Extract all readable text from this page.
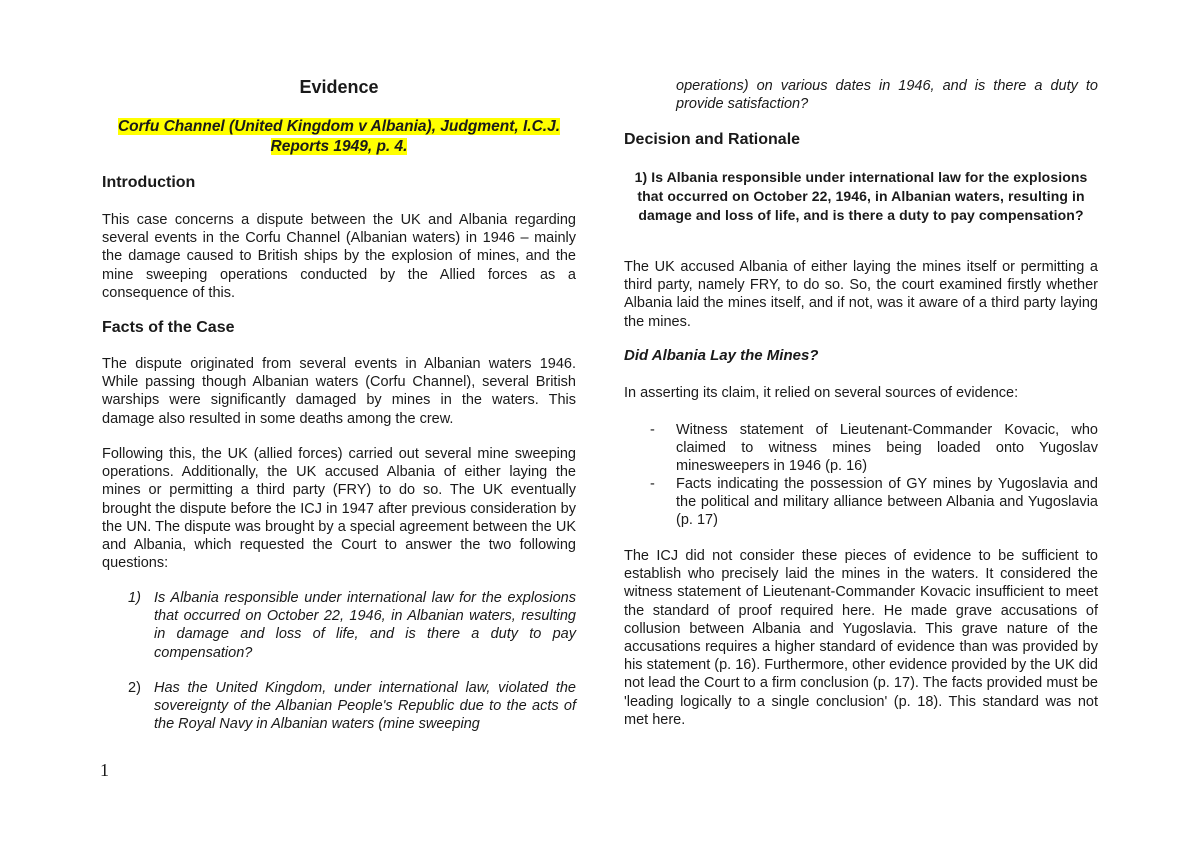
Evidence
Corfu Channel (United Kingdom v Albania), Judgment, I.C.J. Reports 1949, p. 4.
Introduction

This case concerns a dispute between the UK and Albania regarding several events in the Corfu Channel (Albanian waters) in 1946 – mainly the damage caused to British ships by the explosion of mines, and the mine sweeping operations conducted by the Allied forces as a consequence of this.

Facts of the Case

The dispute originated from several events in Albanian waters 1946. While passing though Albanian waters (Corfu Channel), several British warships were significantly damaged by mines in the waters. This damage also resulted in some deaths among the crew.

Following this, the UK (allied forces) carried out several mine sweeping operations. Additionally, the UK accused Albania of either laying the mines or permitting a third party (FRY) to do so. The UK eventually brought the dispute before the ICJ in 1947 after previous consideration by the UN. The dispute was brought by a special agreement between the UK and Albania, which requested the Court to answer the two following questions:

1) Is Albania responsible under international law for the explosions that occurred on October 22, 1946, in Albanian waters, resulting in damage and loss of life, and is there a duty to pay compensation?

2) Has the United Kingdom, under international law, violated the sovereignty of the Albanian People's Republic due to the acts of the Royal Navy in Albanian waters (mine sweeping

1

operations) on various dates in 1946, and is there a duty to provide satisfaction?

Decision and Rationale

1) Is Albania responsible under international law for the explosions that occurred on October 22, 1946, in Albanian waters, resulting in damage and loss of life, and is there a duty to pay compensation?

The UK accused Albania of either laying the mines itself or permitting a third party, namely FRY, to do so. So, the court examined firstly whether Albania laid the mines itself, and if not, was it aware of a third party laying the mines.

Did Albania Lay the Mines?

In asserting its claim, it relied on several sources of evidence:

- Witness statement of Lieutenant-Commander Kovacic, who claimed to witness mines being loaded onto Yugoslav minesweepers in 1946 (p. 16)

- Facts indicating the possession of GY mines by Yugoslavia and the political and military alliance between Albania and Yugoslavia (p. 17)

The ICJ did not consider these pieces of evidence to be sufficient to establish who precisely laid the mines in the waters. It considered the witness statement of Lieutenant-Commander Kovacic insufficient to meet the standard of proof required here. He made grave accusations of collusion between Albania and Yugoslavia. This grave nature of the accusations requires a higher standard of evidence than was provided by his statement (p. 16). Furthermore, other evidence provided by the UK did not lead the Court to a firm conclusion (p. 17). The facts provided must be 'leading logically to a single conclusion' (p. 18). This standard was not met here.
